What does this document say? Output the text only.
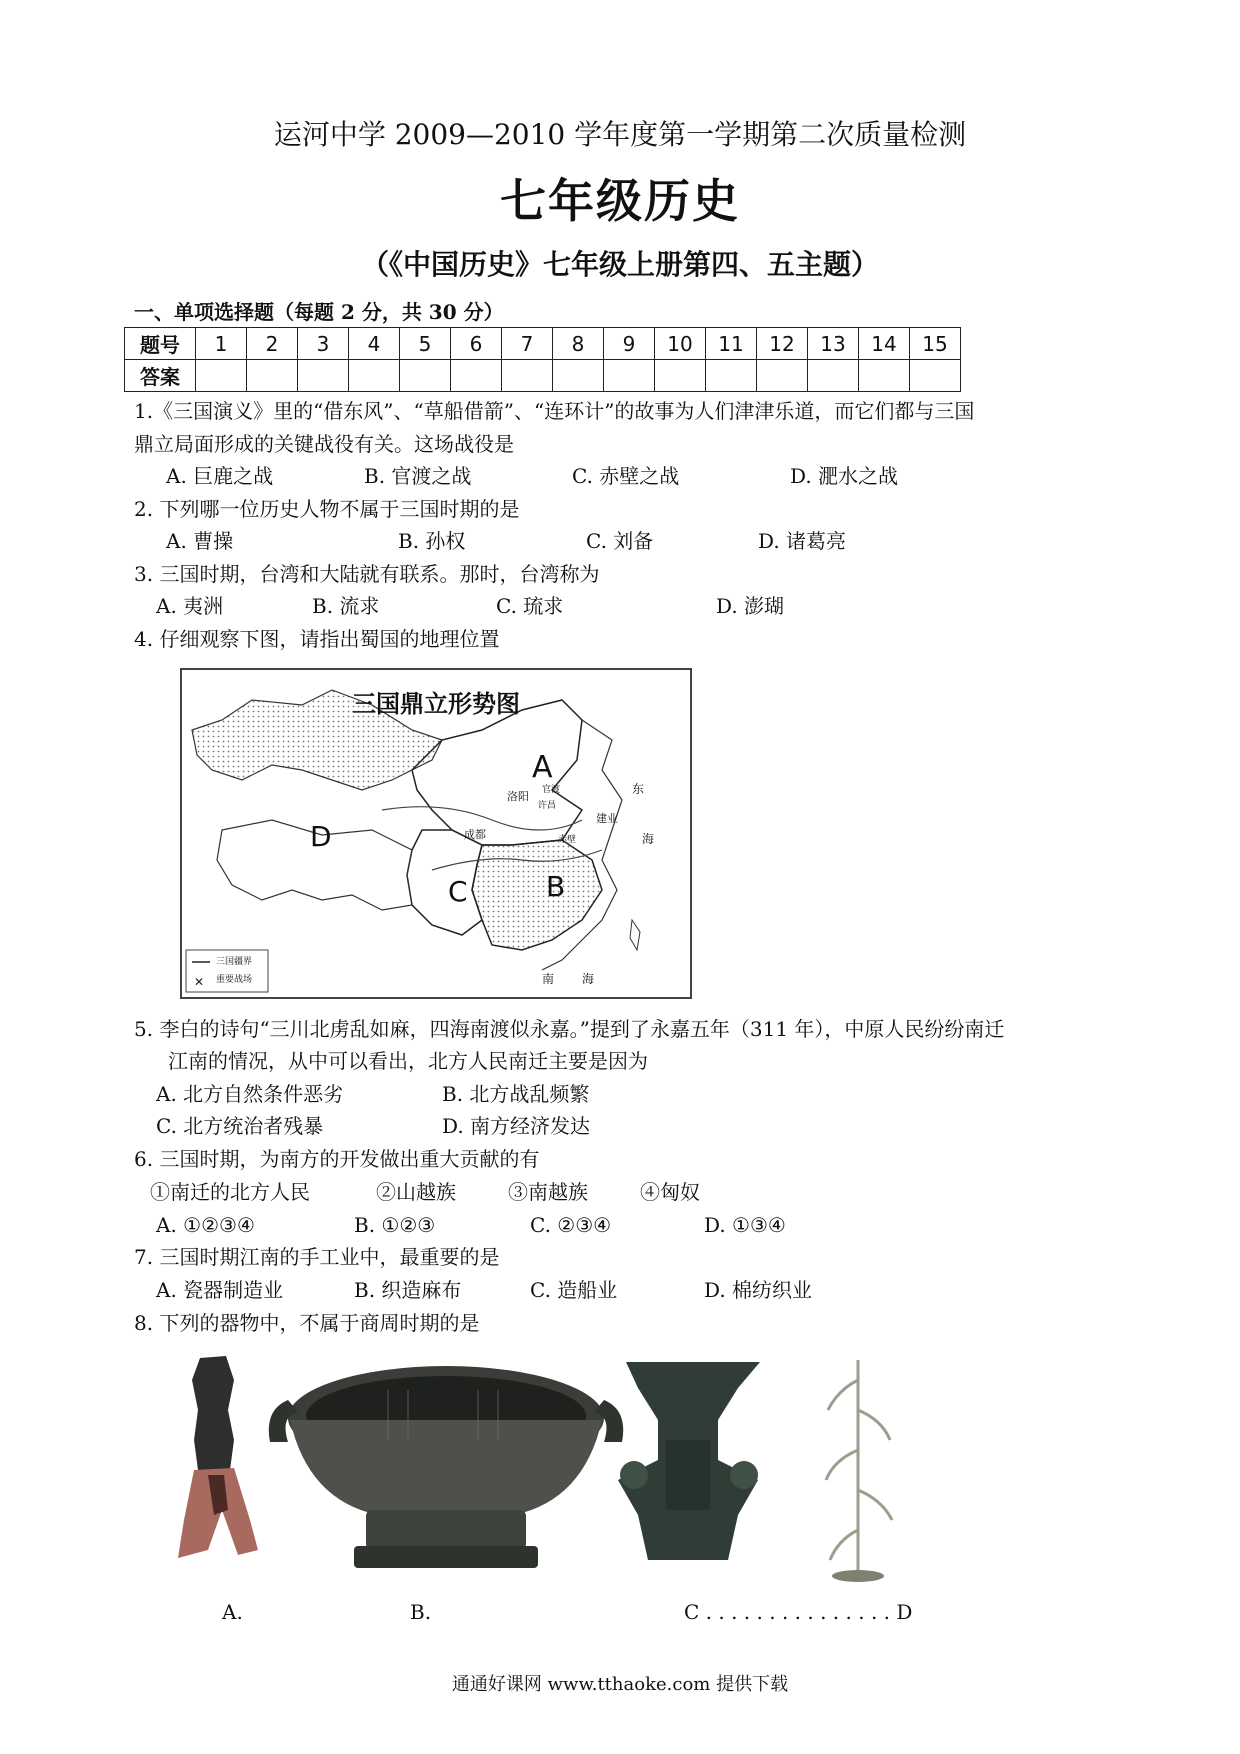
运河中学 2009—2010 学年度第一学期第二次质量检测
七年级历史
（《中国历史》七年级上册第四、五主题）
一、单项选择题（每题 2 分，共 30 分）
题号	1	2	3	4	5	6	7	8	9	10	11	12	13	14	15
答案															
1.《三国演义》里的“借东风”、“草船借箭”、“连环计”的故事为人们津津乐道，而它们都与三国
鼎立局面形成的关键战役有关。这场战役是
A. 巨鹿之战	B. 官渡之战	C. 赤壁之战	D. 淝水之战
2. 下列哪一位历史人物不属于三国时期的是
A. 曹操	B. 孙权	C. 刘备	D. 诸葛亮
3. 三国时期，台湾和大陆就有联系。那时，台湾称为
A. 夷洲	B. 流求	C. 琉求	D. 澎瑚
4. 仔细观察下图，请指出蜀国的地理位置
✕
三国鼎立形势图
A
B
C
D
洛阳
许昌
官渡
建业
成都	赤壁
东
海
南 海
三国疆界
重要战场
5. 李白的诗句“三川北虏乱如麻，四海南渡似永嘉。”提到了永嘉五年（311 年），中原人民纷纷南迁
江南的情况，从中可以看出，北方人民南迁主要是因为
A. 北方自然条件恶劣	B. 北方战乱频繁
C. 北方统治者残暴	D. 南方经济发达
6. 三国时期，为南方的开发做出重大贡献的有
①南迁的北方人民	②山越族	③南越族	④匈奴
A. ①②③④	B. ①②③	C. ②③④	D. ①③④
7. 三国时期江南的手工业中，最重要的是
A. 瓷器制造业	B. 织造麻布	C. 造船业	D. 棉纺织业
8. 下列的器物中，不属于商周时期的是
A.	B.	C . . . . . . . . . . . . . . . D
通通好课网 www.tthaoke.com 提供下载
